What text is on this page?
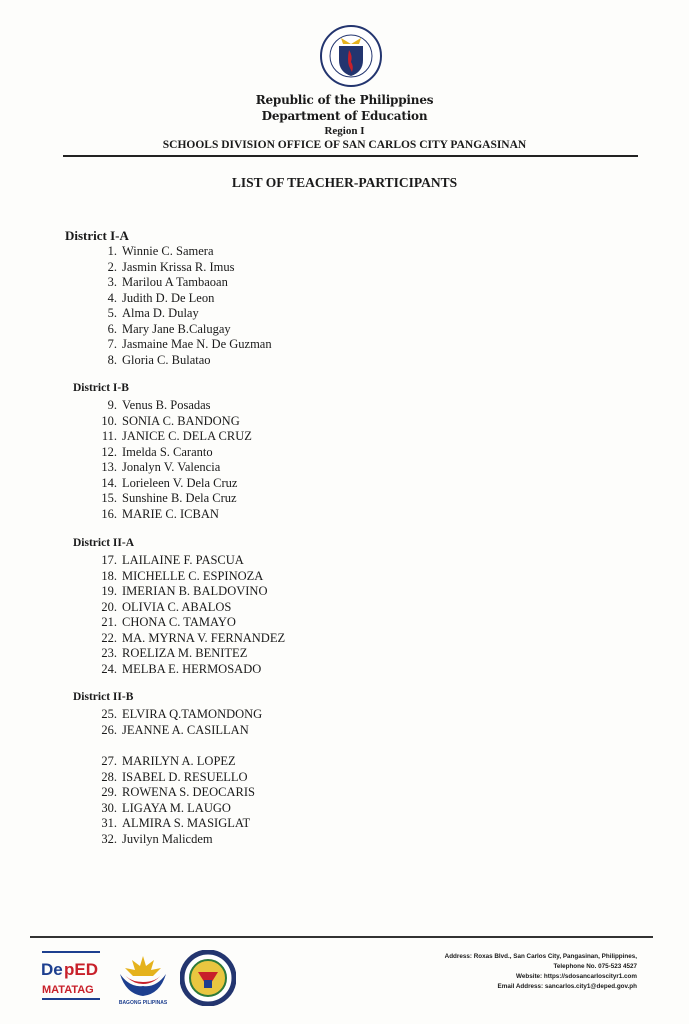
Republic of the Philippines
Department of Education
Region I
SCHOOLS DIVISION OFFICE OF SAN CARLOS CITY PANGASINAN
LIST OF TEACHER-PARTICIPANTS
District I-A
1. Winnie C. Samera
2. Jasmin Krissa R. Imus
3. Marilou A Tambaoan
4. Judith D. De Leon
5. Alma D. Dulay
6. Mary Jane B.Calugay
7. Jasmaine Mae N. De Guzman
8. Gloria C. Bulatao
District I-B
9. Venus B. Posadas
10. SONIA C. BANDONG
11. JANICE C. DELA CRUZ
12. Imelda S. Caranto
13. Jonalyn V. Valencia
14. Lorieleen V. Dela Cruz
15. Sunshine B. Dela Cruz
16. MARIE C. ICBAN
District II-A
17. LAILAINE F. PASCUA
18. MICHELLE C. ESPINOZA
19. IMERIAN B. BALDOVINO
20. OLIVIA C. ABALOS
21. CHONA C. TAMAYO
22. MA. MYRNA V. FERNANDEZ
23. ROELIZA M. BENITEZ
24. MELBA E. HERMOSADO
District II-B
25. ELVIRA Q.TAMONDONG
26. JEANNE A. CASILLAN
27. MARILYN A. LOPEZ
28. ISABEL D. RESUELLO
29. ROWENA S. DEOCARIS
30. LIGAYA M. LAUGO
31. ALMIRA S. MASIGLAT
32. Juvilyn Malicdem
De pED
MATATAG
BAGONG PILIPINAS
Address: Roxas Blvd., San Carlos City, Pangasinan, Philippines,
Telephone No. 075-523 4527
Website: https://sdosancarloscityr1.com
Email Address: sancarlos.city1@deped.gov.ph
